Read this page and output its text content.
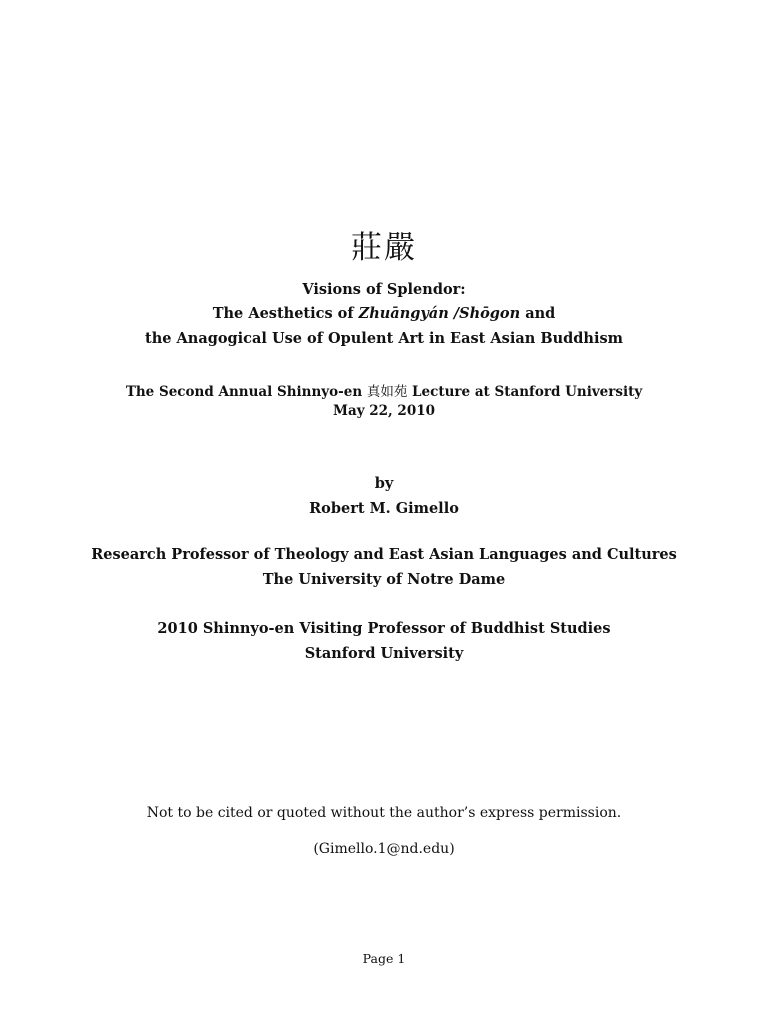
莊嚴
Visions of Splendor:
The Aesthetics of Zhuāngyán /Shōgon and
the Anagogical Use of Opulent Art in East Asian Buddhism
The Second Annual Shinnyo-en 真如苑 Lecture at Stanford University
May 22, 2010
by
Robert M. Gimello
Research Professor of Theology and East Asian Languages and Cultures
The University of Notre Dame
2010 Shinnyo-en Visiting Professor of Buddhist Studies
Stanford University
Not to be cited or quoted without the author’s express permission.
(Gimello.1@nd.edu)
Page 1
